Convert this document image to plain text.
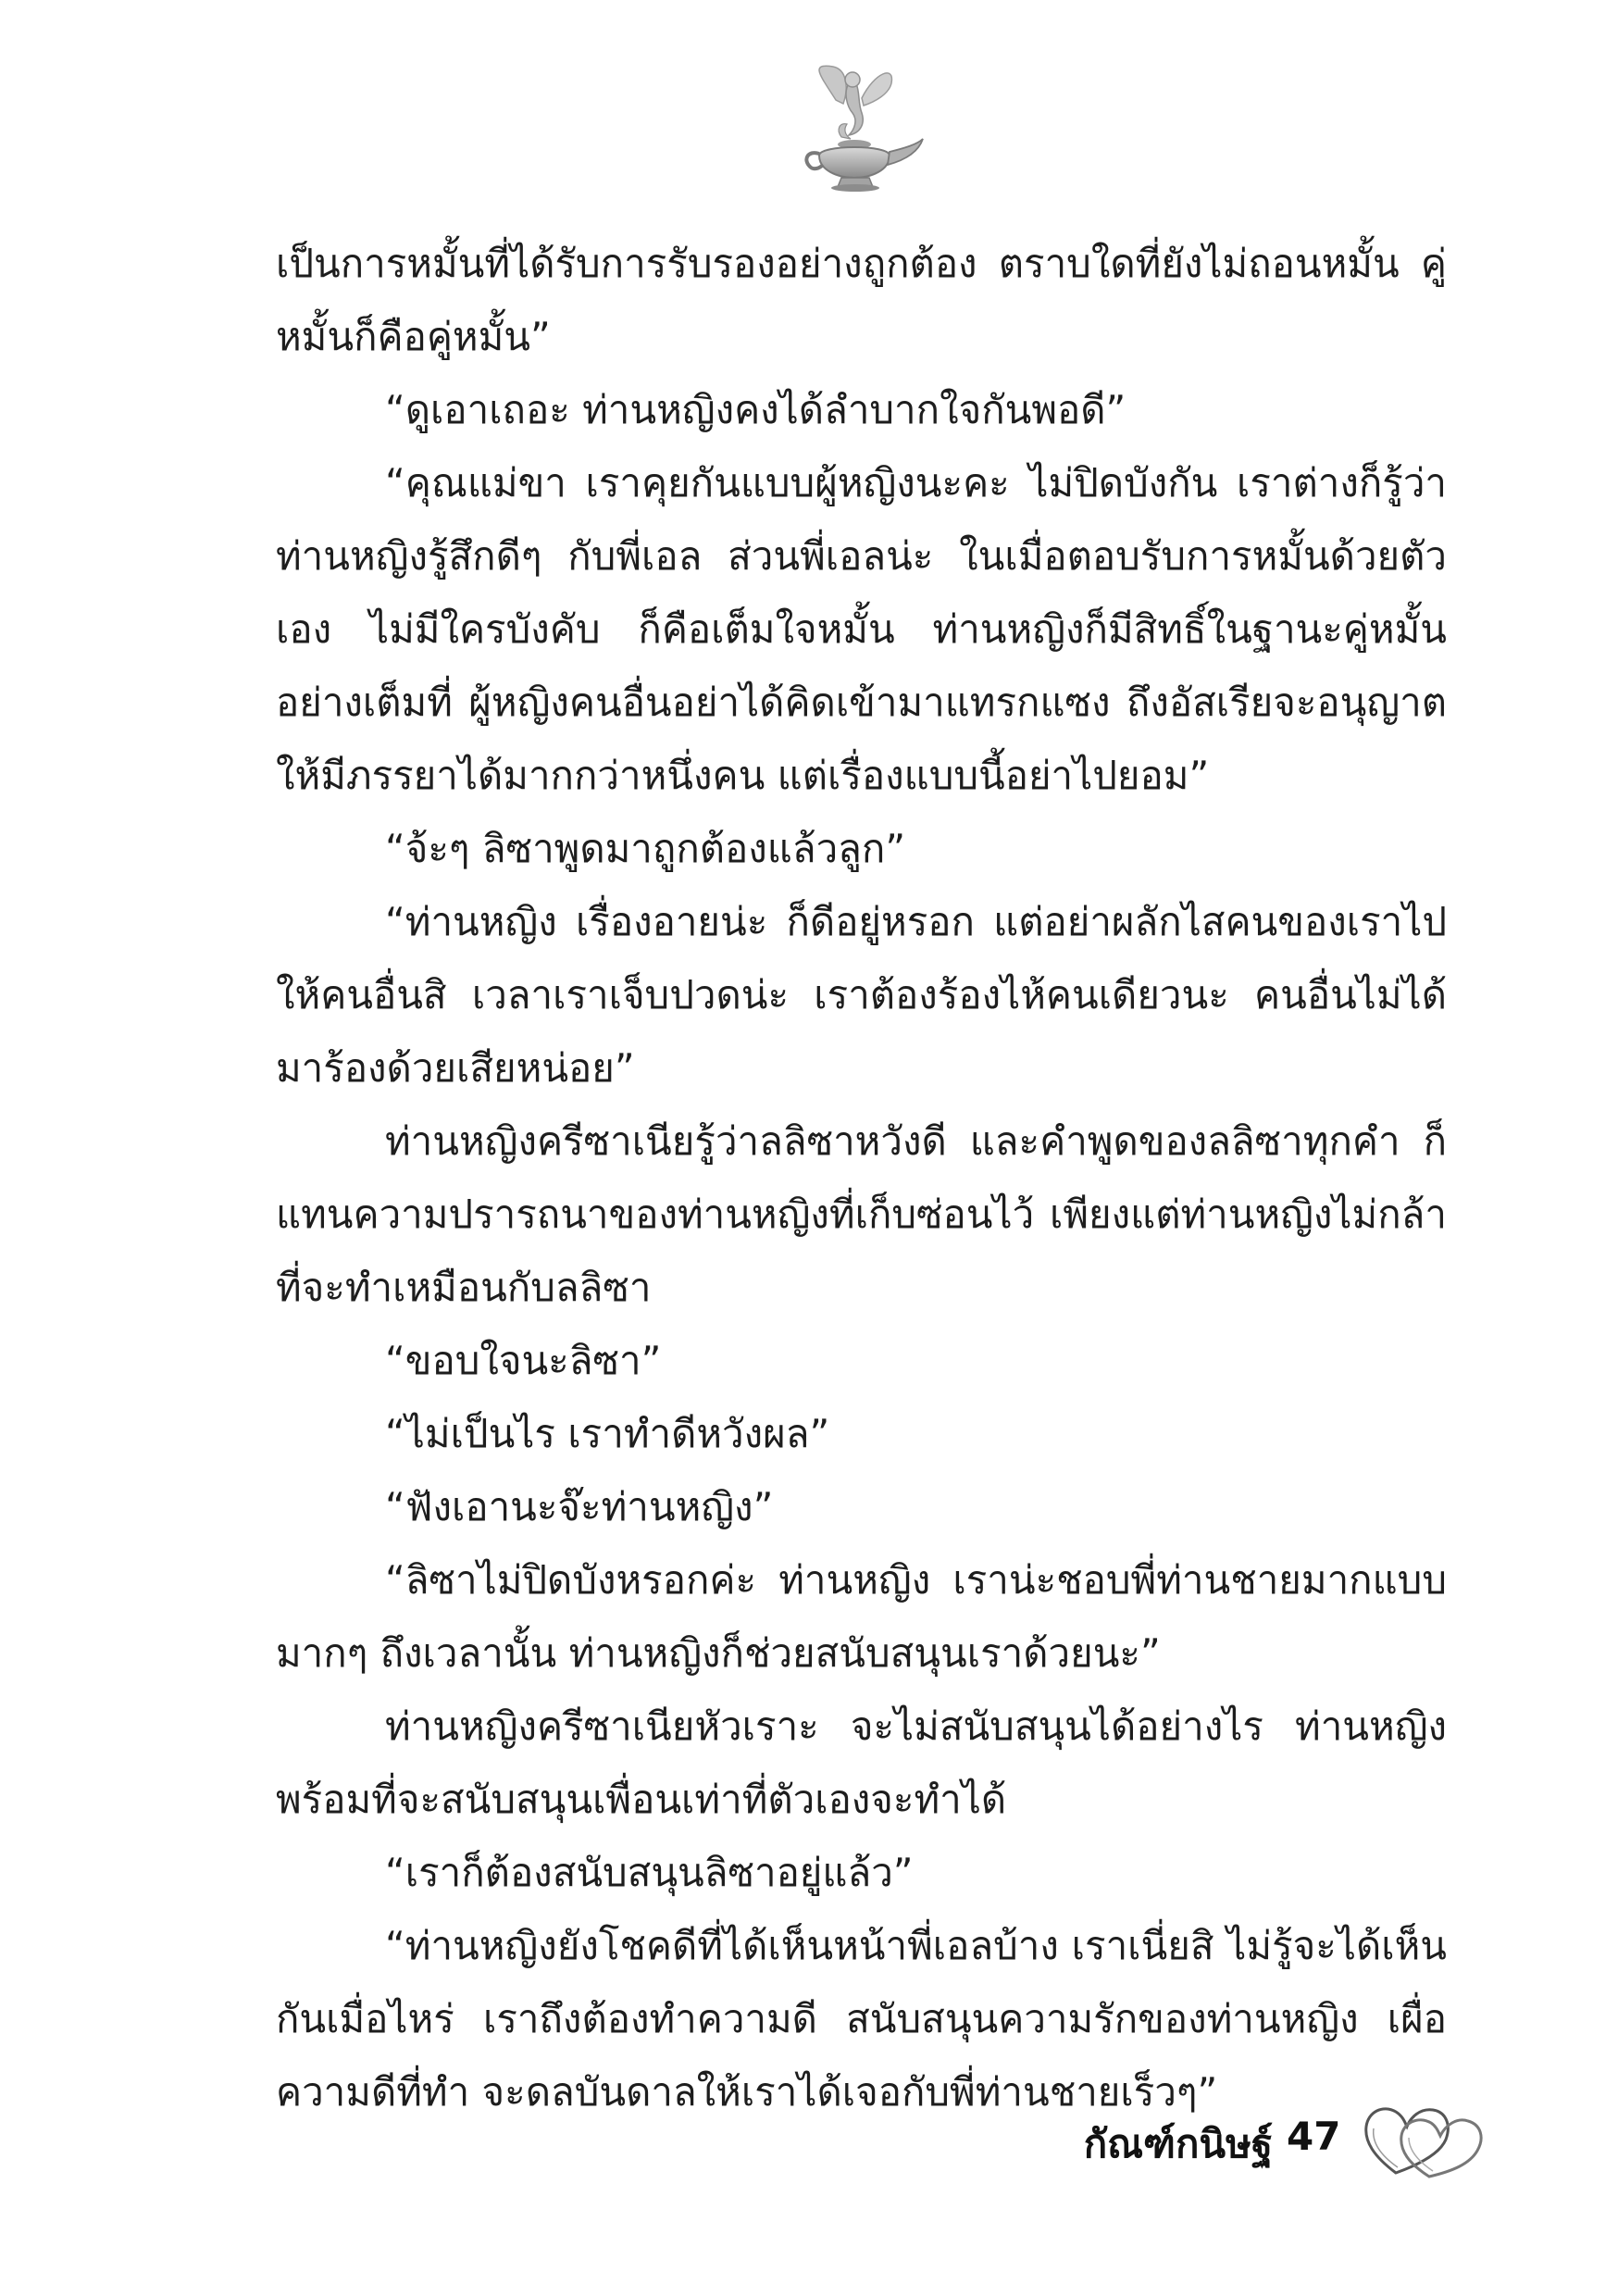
เป็นการหมั้นที่ได้รับการรับรองอย่างถูกต้อง ตราบใดที่ยังไม่ถอนหมั้น คู่หมั้นก็คือคู่หมั้น”

“ดูเอาเถอะ ท่านหญิงคงได้ลำบากใจกันพอดี”

“คุณแม่ขา เราคุยกันแบบผู้หญิงนะคะ ไม่ปิดบังกัน เราต่างก็รู้ว่าท่านหญิงรู้สึกดีๆ กับพี่เอล ส่วนพี่เอลน่ะ ในเมื่อตอบรับการหมั้นด้วยตัวเอง ไม่มีใครบังคับ ก็คือเต็มใจหมั้น ท่านหญิงก็มีสิทธิ์ในฐานะคู่หมั้นอย่างเต็มที่ ผู้หญิงคนอื่นอย่าได้คิดเข้ามาแทรกแซง ถึงอัสเรียจะอนุญาตให้มีภรรยาได้มากกว่าหนึ่งคน แต่เรื่องแบบนี้อย่าไปยอม”

“จ้ะๆ ลิซาพูดมาถูกต้องแล้วลูก”

“ท่านหญิง เรื่องอายน่ะ ก็ดีอยู่หรอก แต่อย่าผลักไสคนของเราไปให้คนอื่นสิ เวลาเราเจ็บปวดน่ะ เราต้องร้องไห้คนเดียวนะ คนอื่นไม่ได้มาร้องด้วยเสียหน่อย”

ท่านหญิงครีซาเนียรู้ว่าลลิซาหวังดี และคำพูดของลลิซาทุกคำ ก็แทนความปรารถนาของท่านหญิงที่เก็บซ่อนไว้ เพียงแต่ท่านหญิงไม่กล้าที่จะทำเหมือนกับลลิซา

“ขอบใจนะลิซา”

“ไม่เป็นไร เราทำดีหวังผล”

“ฟังเอานะจ๊ะท่านหญิง”

“ลิซาไม่ปิดบังหรอกค่ะ ท่านหญิง เราน่ะชอบพี่ท่านชายมากแบบมากๆ ถึงเวลานั้น ท่านหญิงก็ช่วยสนับสนุนเราด้วยนะ”

ท่านหญิงครีซาเนียหัวเราะ จะไม่สนับสนุนได้อย่างไร ท่านหญิงพร้อมที่จะสนับสนุนเพื่อนเท่าที่ตัวเองจะทำได้

“เราก็ต้องสนับสนุนลิซาอยู่แล้ว”

“ท่านหญิงยังโชคดีที่ได้เห็นหน้าพี่เอลบ้าง เราเนี่ยสิ ไม่รู้จะได้เห็นกันเมื่อไหร่ เราถึงต้องทำความดี สนับสนุนความรักของท่านหญิง เผื่อความดีที่ทำ จะดลบันดาลให้เราได้เจอกับพี่ท่านชายเร็วๆ”

กัณฑ์กนิษฐ์ 47
